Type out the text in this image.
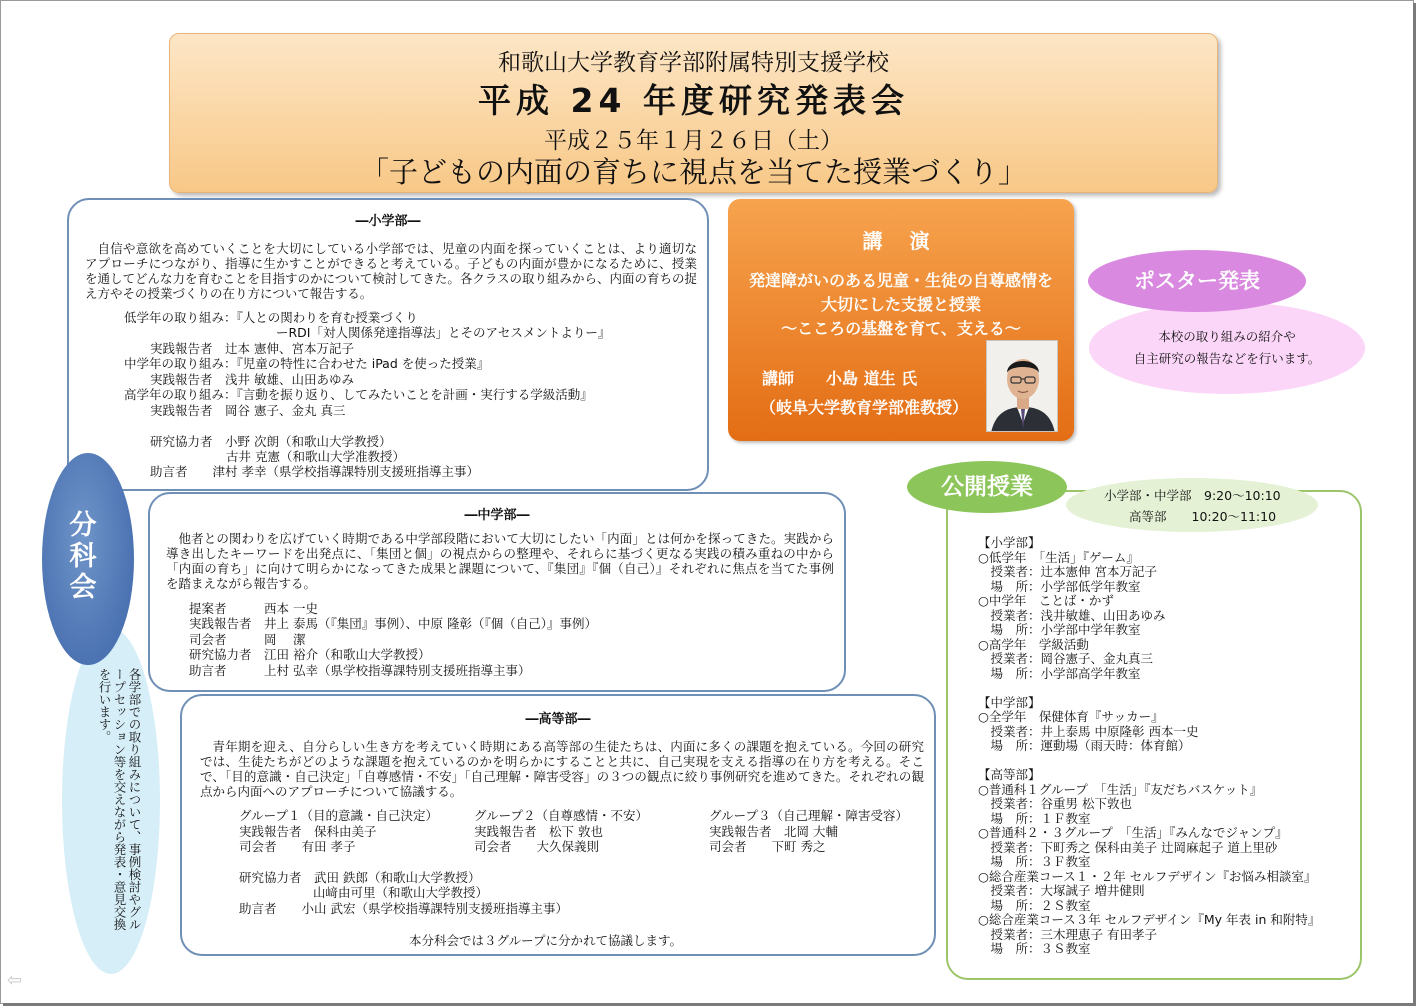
和歌山大学教育学部附属特別支援学校
平成 24 年度研究発表会
平成２５年１月２６日（土）
「子どもの内面の育ちに視点を当てた授業づくり」
―小学部―
自信や意欲を高めていくことを大切にしている小学部では、児童の内面を探っていくことは、より適切なアプローチにつながり、指導に生かすことができると考えている。子どもの内面が豊かになるために、授業を通してどんな力を育むことを目指すのかについて検討してきた。各クラスの取り組みから、内面の育ちの捉え方やその授業づくりの在り方について報告する。
低学年の取り組み：『人との関わりを育む授業づくり
ーRDI「対人関係発達指導法」とそのアセスメントよりー』
実践報告者　辻本 憲伸、宮本万記子
中学年の取り組み：『児童の特性に合わせた iPad を使った授業』
実践報告者　浅井 敏雄、山田あゆみ
高学年の取り組み：『言動を振り返り、してみたいことを計画・実行する学級活動』
実践報告者　岡谷 憲子、金丸 真三
研究協力者　小野 次朗（和歌山大学教授）
古井 克憲（和歌山大学准教授）
助言者　　津村 孝幸（県学校指導課特別支援班指導主事）
―中学部―
他者との関わりを広げていく時期である中学部段階において大切にしたい「内面」とは何かを探ってきた。実践から導き出したキーワードを出発点に、「集団と個」の視点からの整理や、それらに基づく更なる実践の積み重ねの中から「内面の育ち」に向けて明らかになってきた成果と課題について、『集団』『個（自己）』それぞれに焦点を当てた事例を踏まえながら報告する。
提案者　　　西本 一史
実践報告者　井上 泰馬（『集団』事例）、中原 隆彰（『個（自己）』事例）
司会者　　　岡　 潔
研究協力者　江田 裕介（和歌山大学教授）
助言者　　　上村 弘幸（県学校指導課特別支援班指導主事）
―高等部―
青年期を迎え、自分らしい生き方を考えていく時期にある高等部の生徒たちは、内面に多くの課題を抱えている。今回の研究では、生徒たちがどのような課題を抱えているのかを明らかにすることと共に、自己実現を支える指導の在り方を考える。そこで、「目的意識・自己決定」「自尊感情・不安」「自己理解・障害受容」の３つの観点に絞り事例研究を進めてきた。それぞれの観点から内面へのアプローチについて協議する。
グループ１（目的意識・自己決定）
実践報告者　保科由美子
司会者　　有田 孝子
グループ２（自尊感情・不安）
実践報告者　松下 敦也
司会者　　大久保義則
グループ３（自己理解・障害受容）
実践報告者　北岡 大輔
司会者　　下町 秀之
研究協力者　武田 鉄郎（和歌山大学教授）
山﨑由可里（和歌山大学教授）
助言者　　小山 武宏（県学校指導課特別支援班指導主事）
本分科会では３グループに分かれて協議します。
講 演
発達障がいのある児童・生徒の自尊感情を
大切にした支援と授業
～こころの基盤を育て、支える～
講師　　小島 道生 氏
（岐阜大学教育学部准教授）
本校の取り組みの紹介や
自主研究の報告などを行います。
ポスター発表
【小学部】
○低学年　「生活」『ゲーム』
　授業者：辻本憲伸 宮本万記子
　場　所：小学部低学年教室
○中学年　ことば・かず
　授業者：浅井敏雄、山田あゆみ
　場　所：小学部中学年教室
○高学年　学級活動
　授業者：岡谷憲子、金丸真三
　場　所：小学部高学年教室
【中学部】
○全学年　保健体育『サッカー』
　授業者：井上泰馬 中原隆彰 西本一史
　場　所：運動場（雨天時：体育館）
【高等部】
○普通科１グループ　「生活」『友だちバスケット』
　授業者：谷重男 松下敦也
　場　所：１Ｆ教室
○普通科２・３グループ　「生活」『みんなでジャンプ』
　授業者：下町秀之 保科由美子 辻岡麻起子 道上里砂
　場　所：３Ｆ教室
○総合産業コース１・２年 セルフデザイン『お悩み相談室』
　授業者：大塚誠子 増井健則
　場　所：２Ｓ教室
○総合産業コース３年 セルフデザイン『My 年表 in 和附特』
　授業者：三木理恵子 有田孝子
　場　所：３Ｓ教室
小学部・中学部　9:20～10:10
高等部　　10:20～11:10
公開授業
各学部での取り組みについて、事例検討やグループセッション等を交えながら発表・意見交換を行います。
分科会
⇦
